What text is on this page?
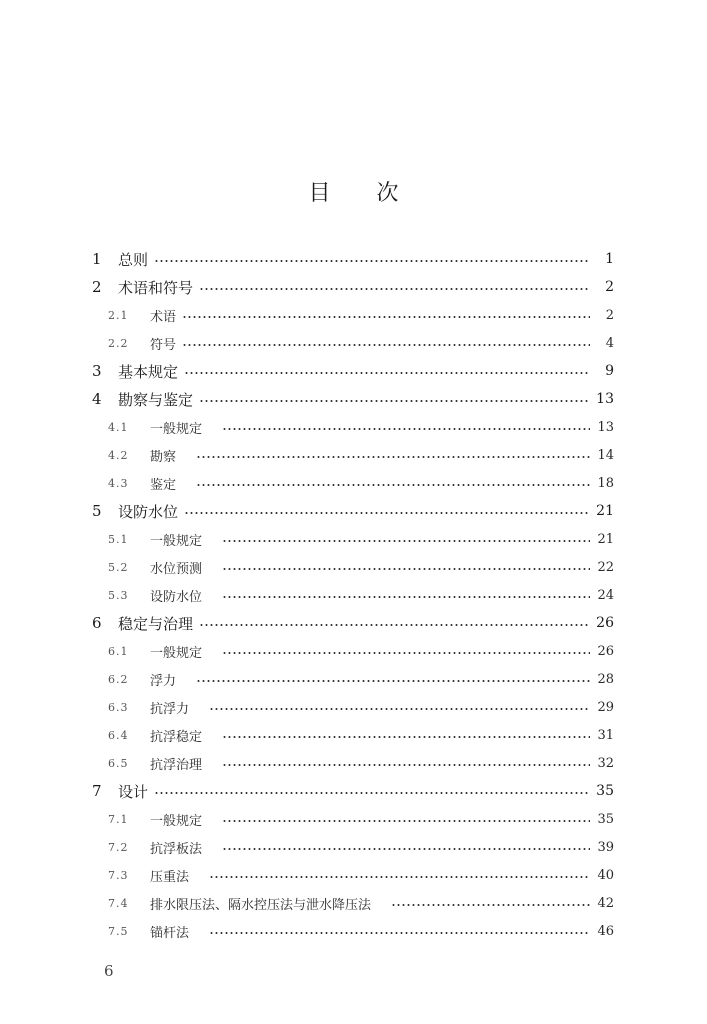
目 次
1	总则	1
2	术语和符号	2
2.1	术语	2
2.2	符号	4
3	基本规定	9
4	勘察与鉴定	13
4.1	一般规定	13
4.2	勘察	14
4.3	鉴定	18
5	设防水位	21
5.1	一般规定	21
5.2	水位预测	22
5.3	设防水位	24
6	稳定与治理	26
6.1	一般规定	26
6.2	浮力	28
6.3	抗浮力	29
6.4	抗浮稳定	31
6.5	抗浮治理	32
7	设计	35
7.1	一般规定	35
7.2	抗浮板法	39
7.3	压重法	40
7.4	排水限压法、隔水控压法与泄水降压法	42
7.5	锚杆法	46
6
